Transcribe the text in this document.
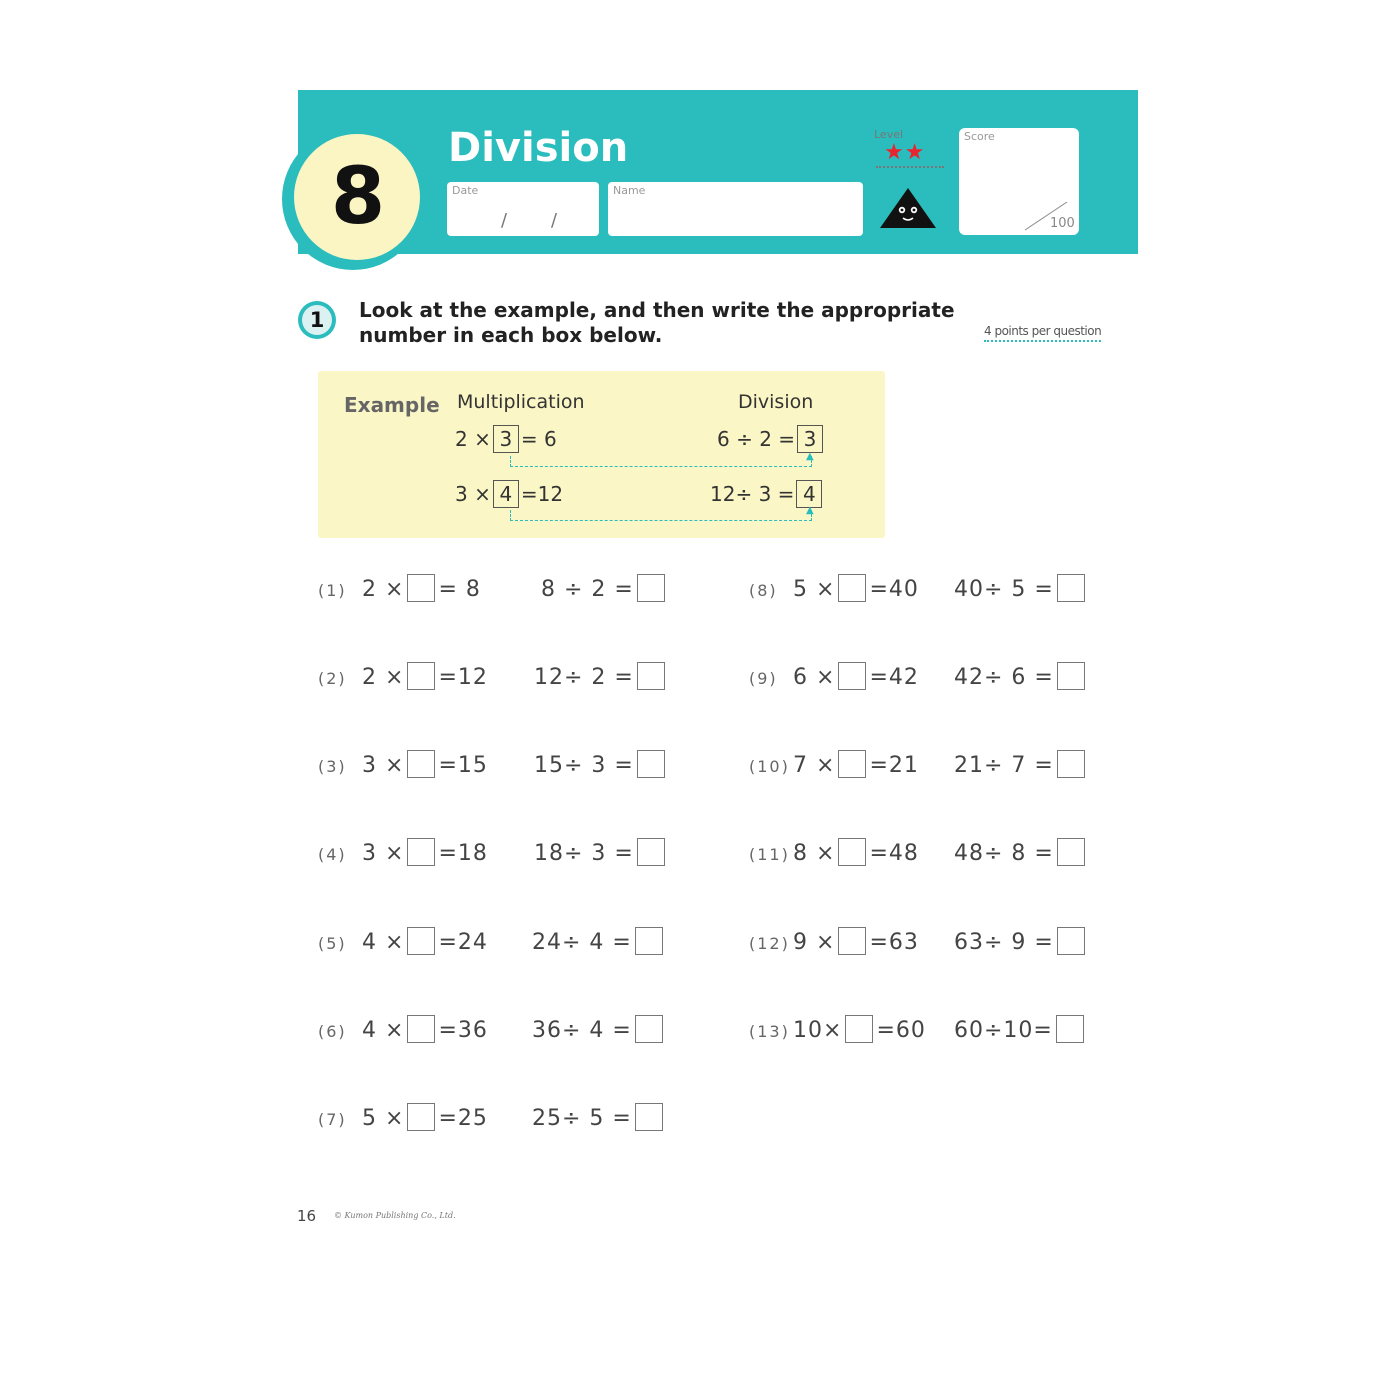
8
Division
Date
/ /
Name
Level
★★
Score
100
1	Look at the example, and then write the appropriate
number in each box below.	4 points per question
Example Multiplication	Division
2 × 3 = 6	6 ÷ 2 = 3
▲
3 × 4 =12	12÷ 3 = 4
▲
(1) 2 × = 8	8 ÷ 2 =
(2) 2 × =12 12÷ 2 =
(3) 3 × =15 15÷ 3 =
(4) 3 × =18 18÷ 3 =
(5) 4 × =24 24÷ 4 =
(6) 4 × =36 36÷ 4 =
(7) 5 × =25 25÷ 5 =
(8) 5 × =40 40÷ 5 =
(9) 6 × =42 42÷ 6 =
(10) 7 × =21 21÷ 7 =
(11) 8 × =48 48÷ 8 =
(12) 9 × =63 63÷ 9 =
(13) 10× =60 60÷10=
16 © Kumon Publishing Co., Ltd.
